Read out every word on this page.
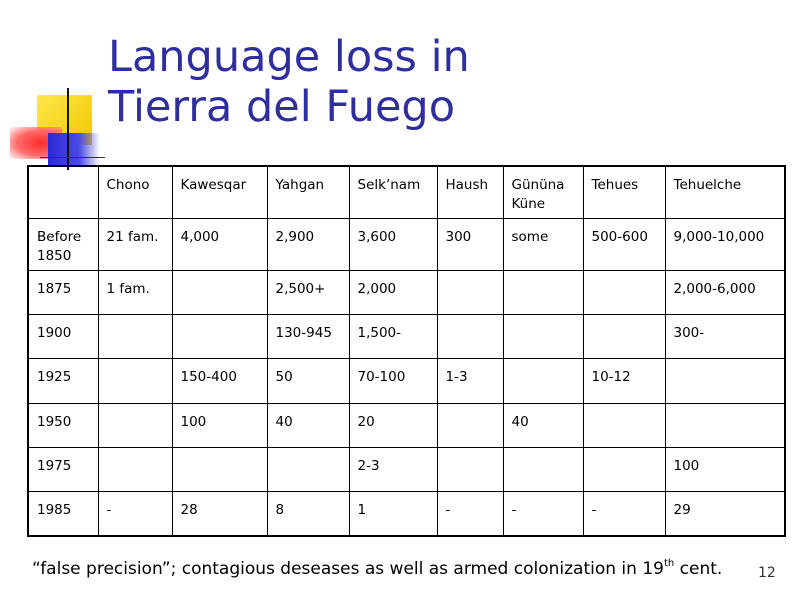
Language loss in
Tierra del Fuego
	Chono	Kawesqar	Yahgan	Selk’nam	Haush	Gününa Küne	Tehues	Tehuelche
Before 1850	21 fam.	4,000	2,900	3,600	300	some	500-600	9,000-10,000
1875	1 fam.		2,500+	2,000				2,000-6,000
1900			130-945	1,500-				300-
1925		150-400	50	70-100	1-3		10-12	
1950		100	40	20		40		
1975				2-3				100
1985	-	28	8	1	-	-	-	29
“false precision”; contagious deseases as well as armed colonization in 19th cent.	12
